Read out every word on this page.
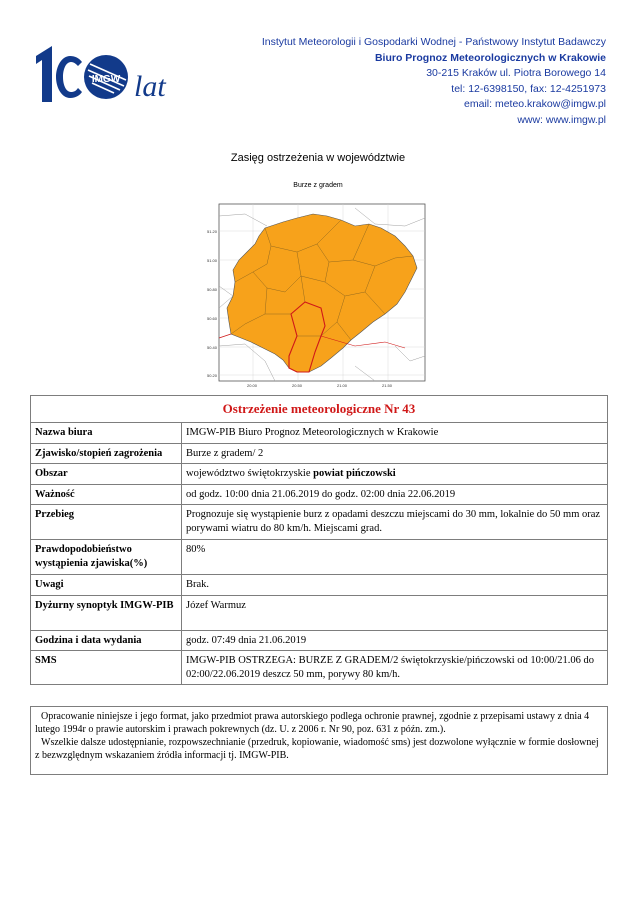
IMGW lat
Instytut Meteorologii i Gospodarki Wodnej - Państwowy Instytut Badawczy
Biuro Prognoz Meteorologicznych w Krakowie
30-215 Kraków ul. Piotra Borowego 14
tel: 12-6398150, fax: 12-4251973
email: meteo.krakow@imgw.pl
www: www.imgw.pl
Zasięg ostrzeżenia w województwie
Burze z gradem
51.20
51.00
50.80
50.60
50.40
50.20
20.00	20.50	21.00	21.50
Ostrzeżenie meteorologiczne Nr 43	
Nazwa biura	IMGW-PIB Biuro Prognoz Meteorologicznych w Krakowie
Zjawisko/stopień zagrożenia	Burze z gradem/ 2
Obszar	województwo świętokrzyskie powiat pińczowski
Ważność	od godz. 10:00 dnia 21.06.2019 do godz. 02:00 dnia 22.06.2019
Przebieg	Prognozuje się wystąpienie burz z opadami deszczu miejscami do 30 mm, lokalnie do 50 mm oraz porywami wiatru do 80 km/h. Miejscami grad.
Prawdopodobieństwo wystąpienia zjawiska(%)	80%
Uwagi	Brak.
Dyżurny synoptyk IMGW-PIB	Józef Warmuz
Godzina i data wydania	godz. 07:49 dnia 21.06.2019
SMS	IMGW-PIB OSTRZEGA: BURZE Z GRADEM/2 świętokrzyskie/pińczowski od 10:00/21.06 do 02:00/22.06.2019 deszcz 50 mm, porywy 80 km/h.

Opracowanie niniejsze i jego format, jako przedmiot prawa autorskiego podlega ochronie prawnej, zgodnie z przepisami ustawy z dnia 4 lutego 1994r o prawie autorskim i prawach pokrewnych (dz. U. z 2006 r. Nr 90, poz. 631 z późn. zm.).

Wszelkie dalsze udostępnianie, rozpowszechnianie (przedruk, kopiowanie, wiadomość sms) jest dozwolone wyłącznie w formie dosłownej z bezwzględnym wskazaniem źródła informacji tj. IMGW-PIB.
